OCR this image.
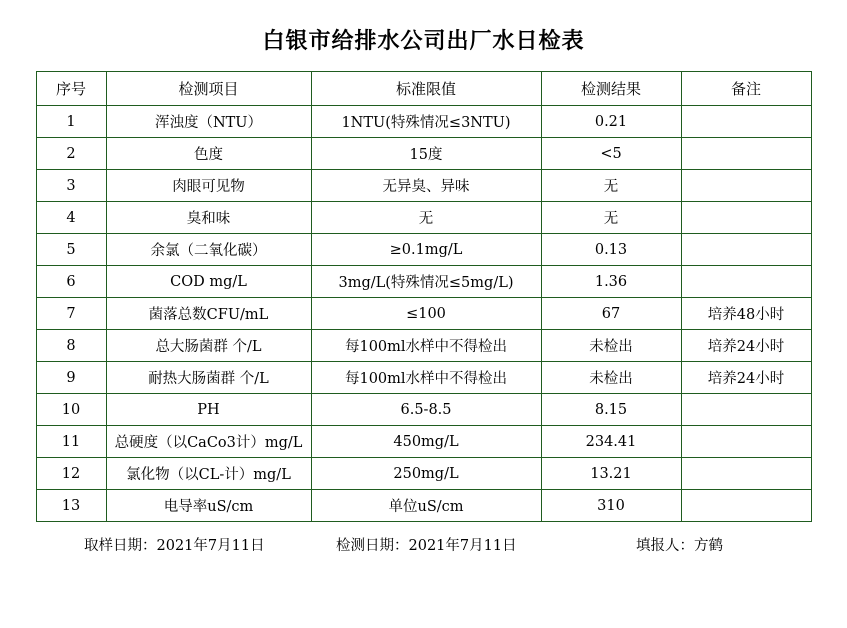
白银市给排水公司出厂水日检表
序号	检测项目	标准限值	检测结果	备注
1	浑浊度（NTU）	1NTU(特殊情况≤3NTU)	0.21	
2	色度	15度	<5	
3	肉眼可见物	无异臭、异味	无	
4	臭和味	无	无	
5	余氯（二氧化碳）	≥0.1mg/L	0.13	
6	COD mg/L	3mg/L(特殊情况≤5mg/L)	1.36	
7	菌落总数CFU/mL	≤100	67	培养48小时
8	总大肠菌群 个/L	每100ml水样中不得检出	未检出	培养24小时
9	耐热大肠菌群 个/L	每100ml水样中不得检出	未检出	培养24小时
10	PH	6.5-8.5	8.15	
11	总硬度（以CaCo3计）mg/L	450mg/L	234.41	
12	氯化物（以CL-计）mg/L	250mg/L	13.21	
13	电导率uS/cm	单位uS/cm	310	
取样日期：2021年7月11日	检测日期：2021年7月11日	填报人：方鹤
